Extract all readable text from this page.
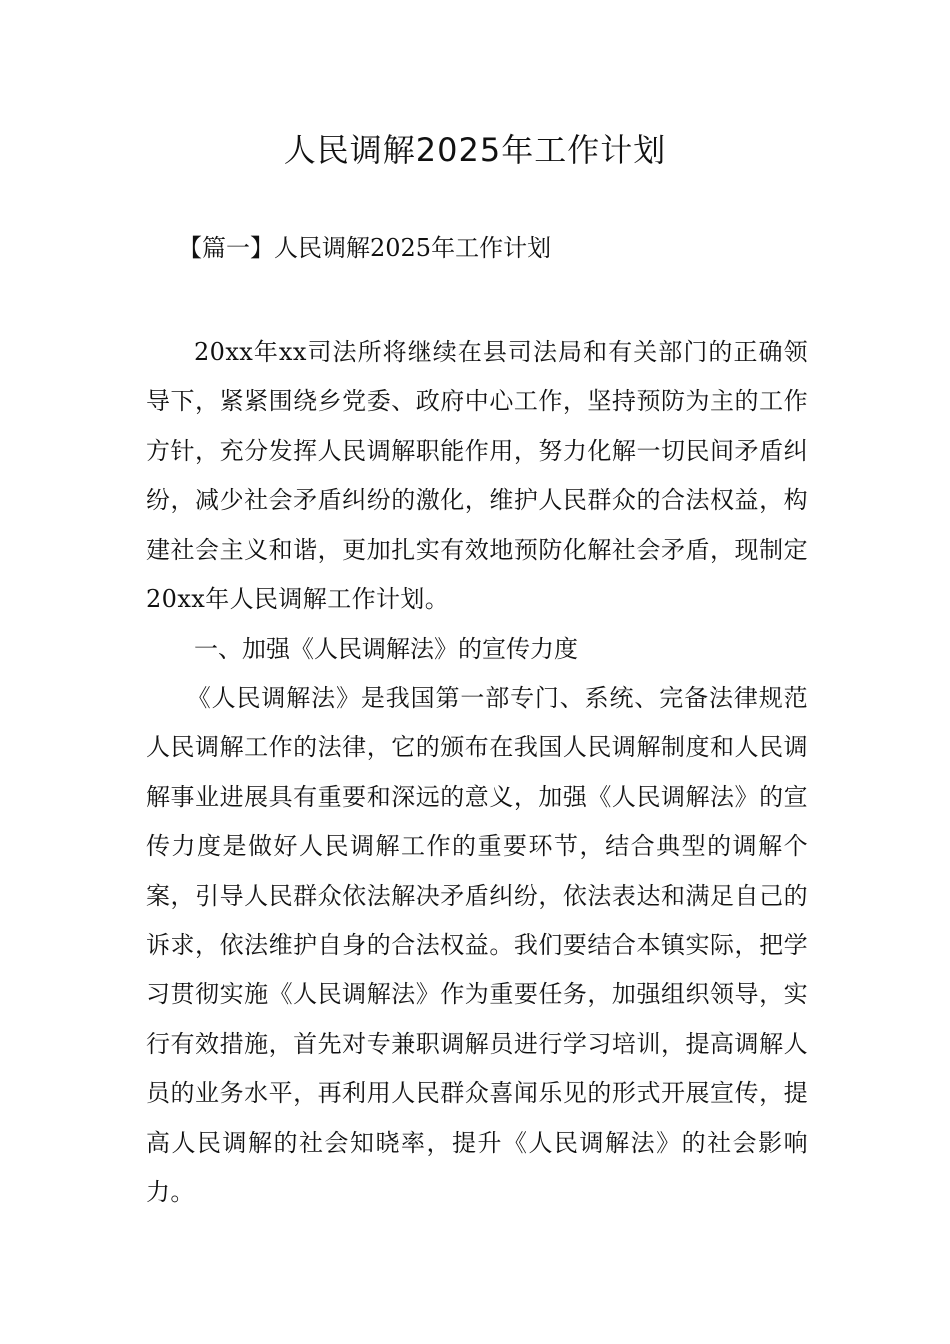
人民调解2025年工作计划
【篇一】人民调解2025年工作计划

20xx年xx司法所将继续在县司法局和有关部门的正确领导下，紧紧围绕乡党委、政府中心工作，坚持预防为主的工作方针，充分发挥人民调解职能作用，努力化解一切民间矛盾纠纷，减少社会矛盾纠纷的激化，维护人民群众的合法权益，构建社会主义和谐，更加扎实有效地预防化解社会矛盾，现制定20xx年人民调解工作计划。

一、加强《人民调解法》的宣传力度

《人民调解法》是我国第一部专门、系统、完备法律规范人民调解工作的法律，它的颁布在我国人民调解制度和人民调解事业进展具有重要和深远的意义，加强《人民调解法》的宣传力度是做好人民调解工作的重要环节，结合典型的调解个案，引导人民群众依法解决矛盾纠纷，依法表达和满足自己的诉求，依法维护自身的合法权益。我们要结合本镇实际，把学习贯彻实施《人民调解法》作为重要任务，加强组织领导，实行有效措施，首先对专兼职调解员进行学习培训，提高调解人员的业务水平，再利用人民群众喜闻乐见的形式开展宣传，提高人民调解的社会知晓率，提升《人民调解法》的社会影响力。
